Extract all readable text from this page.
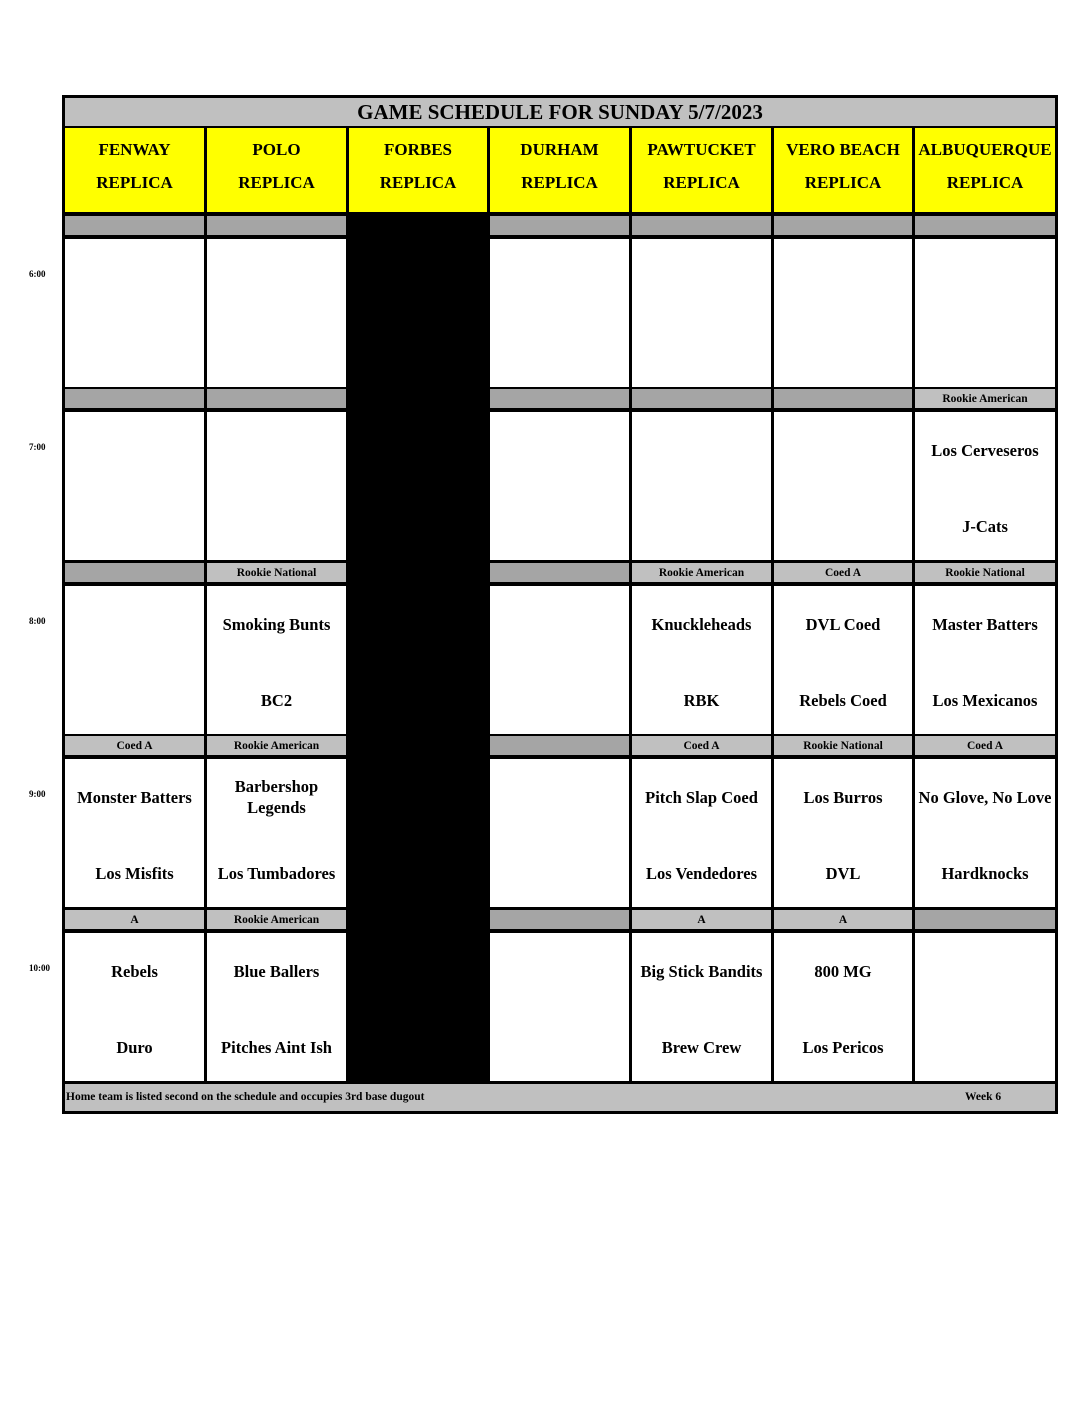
GAME SCHEDULE FOR SUNDAY 5/7/2023
Home team is listed second on the schedule and occupies 3rd base dugout	Week 6
FENWAY
REPLICA
POLO
REPLICA
FORBES
REPLICA
DURHAM
REPLICA
PAWTUCKET
REPLICA
VERO BEACH
REPLICA
ALBUQUERQUE
REPLICA
Rookie American
Los Cerveseros
J-Cats
Rookie National
Smoking Bunts
BC2
Rookie American
Knuckleheads
RBK
Coed A
DVL Coed
Rebels Coed
Rookie National
Master Batters
Los Mexicanos
Coed A
Monster Batters
Los Misfits
Rookie American
Barbershop Legends
Los Tumbadores
Coed A
Pitch Slap Coed
Los Vendedores
Rookie National
Los Burros
DVL
Coed A
No Glove, No Love
Hardknocks
A
Rebels
Duro
Rookie American
Blue Ballers
Pitches Aint Ish
A
Big Stick Bandits
Brew Crew
A
800 MG
Los Pericos
6:00
7:00
8:00
9:00
10:00
